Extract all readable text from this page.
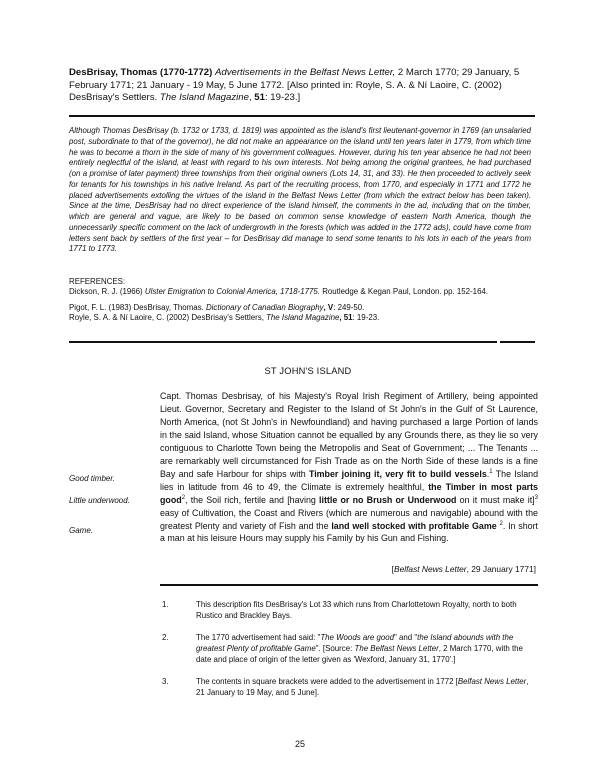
DesBrisay, Thomas (1770-1772) Advertisements in the Belfast News Letter, 2 March 1770; 29 January, 5 February 1771; 21 January - 19 May, 5 June 1772. [Also printed in: Royle, S. A. & Ní Laoire, C. (2002) DesBrisay's Settlers. The Island Magazine, 51: 19-23.]
Although Thomas DesBrisay (b. 1732 or 1733, d. 1819) was appointed as the island's first lieutenant-governor in 1769 (an unsalaried post, subordinate to that of the governor), he did not make an appearance on the island until ten years later in 1779, from which time he was to become a thorn in the side of many of his government colleagues. However, during his ten year absence he had not been entirely neglectful of the island, at least with regard to his own interests. Not being among the original grantees, he had purchased (on a promise of later payment) three townships from their original owners (Lots 14, 31, and 33). He then proceeded to actively seek for tenants for his townships in his native Ireland. As part of the recruiting process, from 1770, and especially in 1771 and 1772 he placed advertisements extolling the virtues of the island in the Belfast News Letter (from which the extract below has been taken). Since at the time, DesBrisay had no direct experience of the island himself, the comments in the ad, including that on the timber, which are general and vague, are likely to be based on common sense knowledge of eastern North America, though the unnecessarily specific comment on the lack of undergrowth in the forests (which was added in the 1772 ads), could have come from letters sent back by settlers of the first year – for DesBrisay did manage to send some tenants to his lots in each of the years from 1771 to 1773.
REFERENCES:
Dickson, R. J. (1966) Ulster Emigration to Colonial America, 1718-1775. Routledge & Kegan Paul, London. pp. 152-164.
Pigot, F. L. (1983) DesBrisay, Thomas. Dictionary of Canadian Biography, V: 249-50.
Royle, S. A. & Ní Laoire, C. (2002) DesBrisay's Settlers, The Island Magazine, 51: 19-23.
ST JOHN'S ISLAND
Capt. Thomas Desbrisay, of his Majesty's Royal Irish Regiment of Artillery, being appointed Lieut. Governor, Secretary and Register to the Island of St John's in the Gulf of St Laurence, North America, (not St John's in Newfoundland) and having purchased a large Portion of lands in the said Island, whose Situation cannot be equalled by any Grounds there, as they lie so very contiguous to Charlotte Town being the Metropolis and Seat of Government; ... The Tenants ... are remarkably well circumstanced for Fish Trade as on the North Side of these lands is a fine Bay and safe Harbour for ships with Timber joining it, very fit to build vessels.$^1$ The Island lies in latitude from 46 to 49, the Climate is extremely healthful, the Timber in most parts good$^2$, the Soil rich, fertile and [having little or no Brush or Underwood on it must make it]$^3$ easy of Cultivation, the Coast and Rivers (which are numerous and navigable) abound with the greatest Plenty and variety of Fish and the land well stocked with profitable Game $^2$. In short a man at his leisure Hours may supply his Family by his Gun and Fishing.
Good timber.
Little underwood.
Game.
[Belfast News Letter, 29 January 1771]
1.	This description fits DesBrisay's Lot 33 which runs from Charlottetown Royalty, north to both Rustico and Brackley Bays.
2.	The 1770 advertisement had said: "The Woods are good" and "the Island abounds with the greatest Plenty of profitable Game". [Source: The Belfast News Letter, 2 March 1770, with the date and place of origin of the letter given as 'Wexford, January 31, 1770'.]
3.	The contents in square brackets were added to the advertisement in 1772 [Belfast News Letter, 21 January to 19 May, and 5 June].
25
